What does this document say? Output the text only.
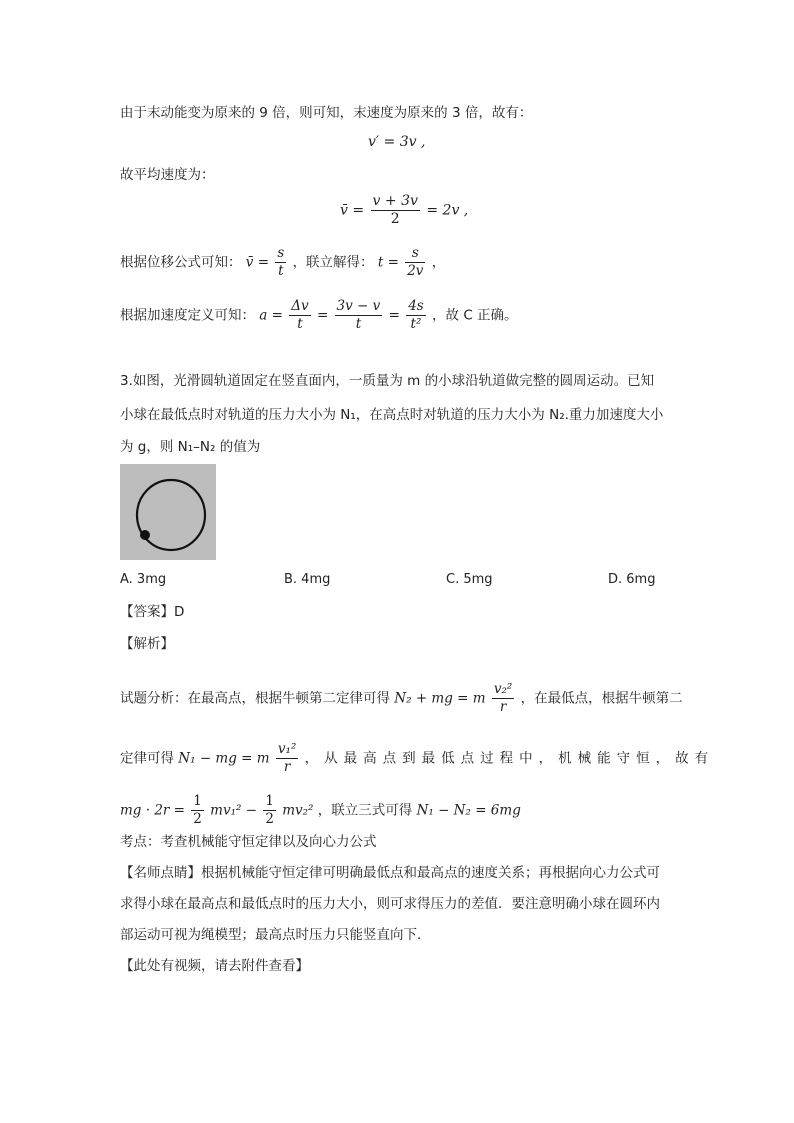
由于末动能变为原来的 9 倍，则可知，末速度为原来的 3 倍，故有：
v′ = 3v ,
故平均速度为：
v̄ = $\frac{v + 3v}{2} = 2v$ ,
根据位移公式可知： v̄ = $\frac{s}{t}$ ，联立解得： $t = \frac{s}{2v}$ ，
根据加速度定义可知： $a = \frac{\Delta v}{t} = \frac{3v - v}{t} = \frac{4s}{\text{t²}}$ ，故 C 正确。
3.如图，光滑圆轨道固定在竖直面内，一质量为 m 的小球沿轨道做完整的圆周运动。已知
小球在最低点时对轨道的压力大小为 N₁，在高点时对轨道的压力大小为 N₂.重力加速度大小
为 g，则 N₁–N₂ 的值为
A. 3mg	B. 4mg	C. 5mg	D. 6mg
【答案】D
【解析】
试题分析：在最高点，根据牛顿第二定律可得 N₂ + mg = m $\frac{\text{v₂²}}{r}$ ，在最低点，根据牛顿第二
定律可得 N₁ − mg = m $\frac{\text{v₁²}}{r}$ ，从最高点到最低点过程中，机械能守恒，故有
mg · $2r = \frac{1}{2} mv_1^2 - \frac{1}{2} mv_2^2$ ，联立三式可得 N₁ − N₂ = 6mg
考点：考查机械能守恒定律以及向心力公式
【名师点睛】根据机械能守恒定律可明确最低点和最高点的速度关系；再根据向心力公式可
求得小球在最高点和最低点时的压力大小，则可求得压力的差值．要注意明确小球在圆环内
部运动可视为绳模型；最高点时压力只能竖直向下．
【此处有视频，请去附件查看】
